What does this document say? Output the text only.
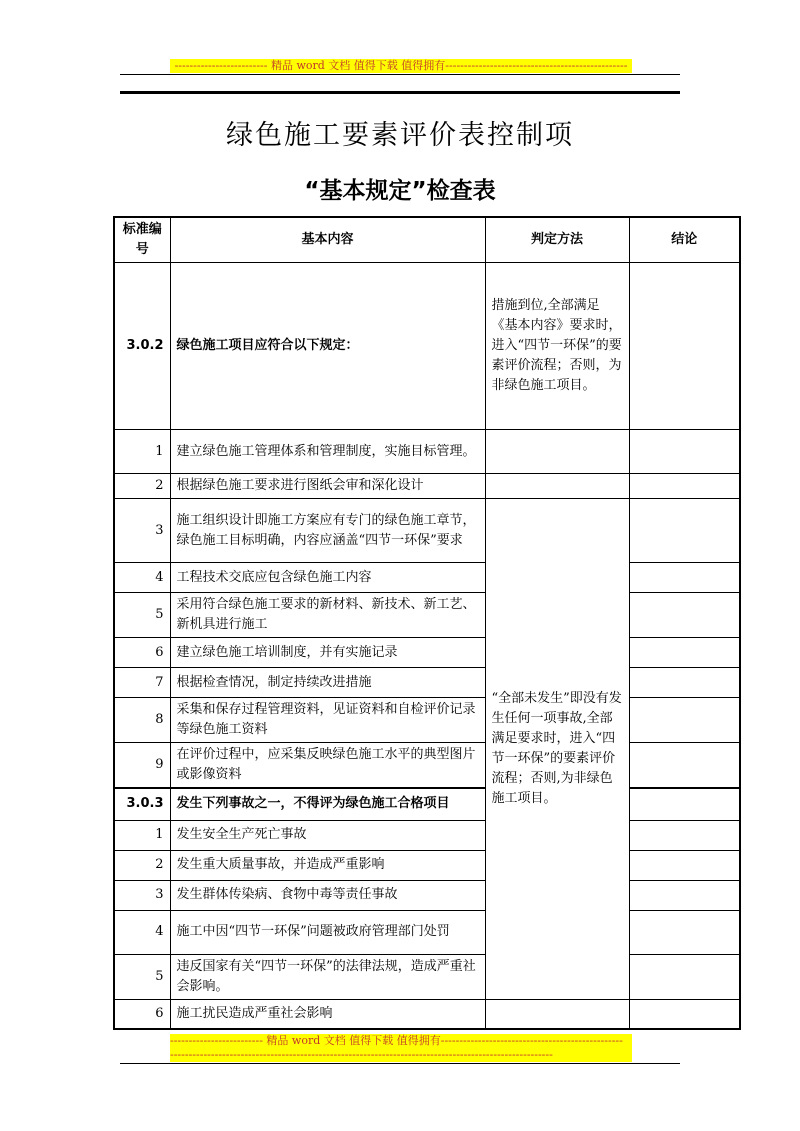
------------------------- 精品 word 文档 值得下载 值得拥有-------------------------------------------------
绿色施工要素评价表控制项
“基本规定”检查表
标准编号	基本内容	判定方法	结论
3.0.2	绿色施工项目应符合以下规定：	措施到位,全部满足《基本内容》要求时，进入“四节一环保”的要素评价流程；否则，为非绿色施工项目。	
1	建立绿色施工管理体系和管理制度，实施目标管理。		
2	根据绿色施工要求进行图纸会审和深化设计		
3	施工组织设计即施工方案应有专门的绿色施工章节，绿色施工目标明确，内容应涵盖“四节一环保”要求	“全部未发生”即没有发生任何一项事故,全部满足要求时，进入“四节一环保”的要素评价流程；否则,为非绿色施工项目。	
4	工程技术交底应包含绿色施工内容		
5	采用符合绿色施工要求的新材料、新技术、新工艺、新机具进行施工		
6	建立绿色施工培训制度，并有实施记录		
7	根据检查情况，制定持续改进措施		
8	采集和保存过程管理资料，见证资料和自检评价记录等绿色施工资料		
9	在评价过程中，应采集反映绿色施工水平的典型图片或影像资料		
3.0.3	发生下列事故之一，不得评为绿色施工合格项目		
1	发生安全生产死亡事故		
2	发生重大质量事故，并造成严重影响		
3	发生群体传染病、食物中毒等责任事故		
4	施工中因“四节一环保”问题被政府管理部门处罚		
5	违反国家有关“四节一环保”的法律法规，造成严重社会影响。		
6	施工扰民造成严重社会影响		
------------------------- 精品 word 文档 值得下载 值得拥有-------------------------------------------------
-------------------------------------------------------------------------------------------------------
